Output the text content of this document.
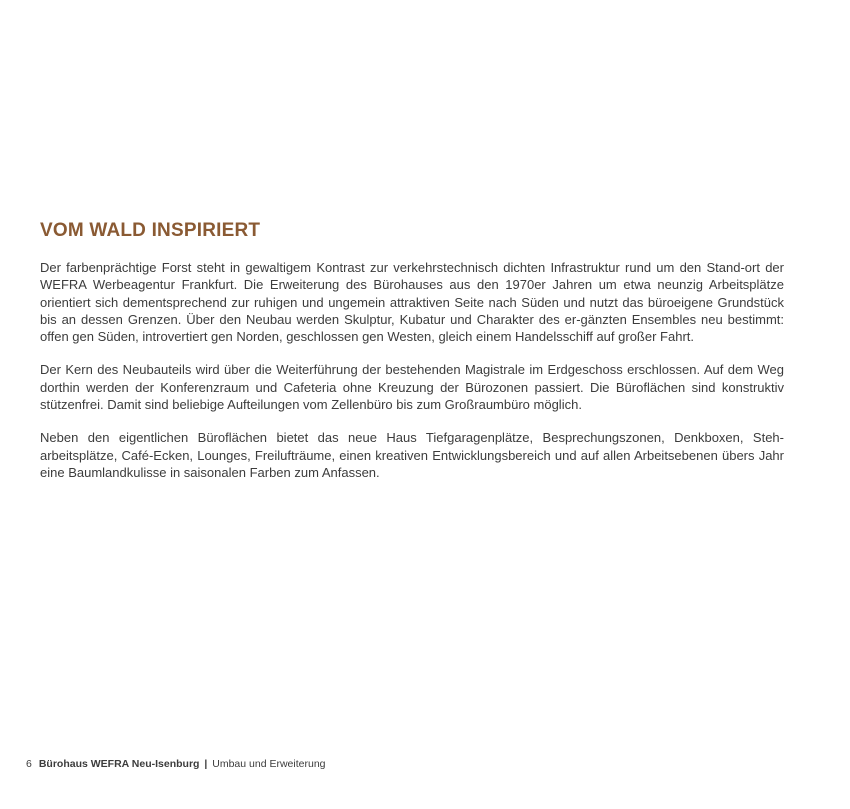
VOM WALD INSPIRIERT

Der farbenprächtige Forst steht in gewaltigem Kontrast zur verkehrstechnisch dichten Infrastruktur rund um den Stand-ort der WEFRA Werbeagentur Frankfurt. Die Erweiterung des Bürohauses aus den 1970er Jahren um etwa neunzig Arbeitsplätze orientiert sich dementsprechend zur ruhigen und ungemein attraktiven Seite nach Süden und nutzt das büroeigene Grundstück bis an dessen Grenzen. Über den Neubau werden Skulptur, Kubatur und Charakter des er-gänzten Ensembles neu bestimmt: offen gen Süden, introvertiert gen Norden, geschlossen gen Westen, gleich einem Handelsschiff auf großer Fahrt.

Der Kern des Neubauteils wird über die Weiterführung der bestehenden Magistrale im Erdgeschoss erschlossen. Auf dem Weg dorthin werden der Konferenzraum und Cafeteria ohne Kreuzung der Bürozonen passiert. Die Büroflächen sind konstruktiv stützenfrei. Damit sind beliebige Aufteilungen vom Zellenbüro bis zum Großraumbüro möglich.

Neben den eigentlichen Büroflächen bietet das neue Haus Tiefgaragenplätze, Besprechungszonen, Denkboxen, Steh-arbeitsplätze, Café-Ecken, Lounges, Freilufträume, einen kreativen Entwicklungsbereich und auf allen Arbeitsebenen übers Jahr eine Baumlandkulisse in saisonalen Farben zum Anfassen.

6 Bürohaus WEFRA Neu-Isenburg | Umbau und Erweiterung
